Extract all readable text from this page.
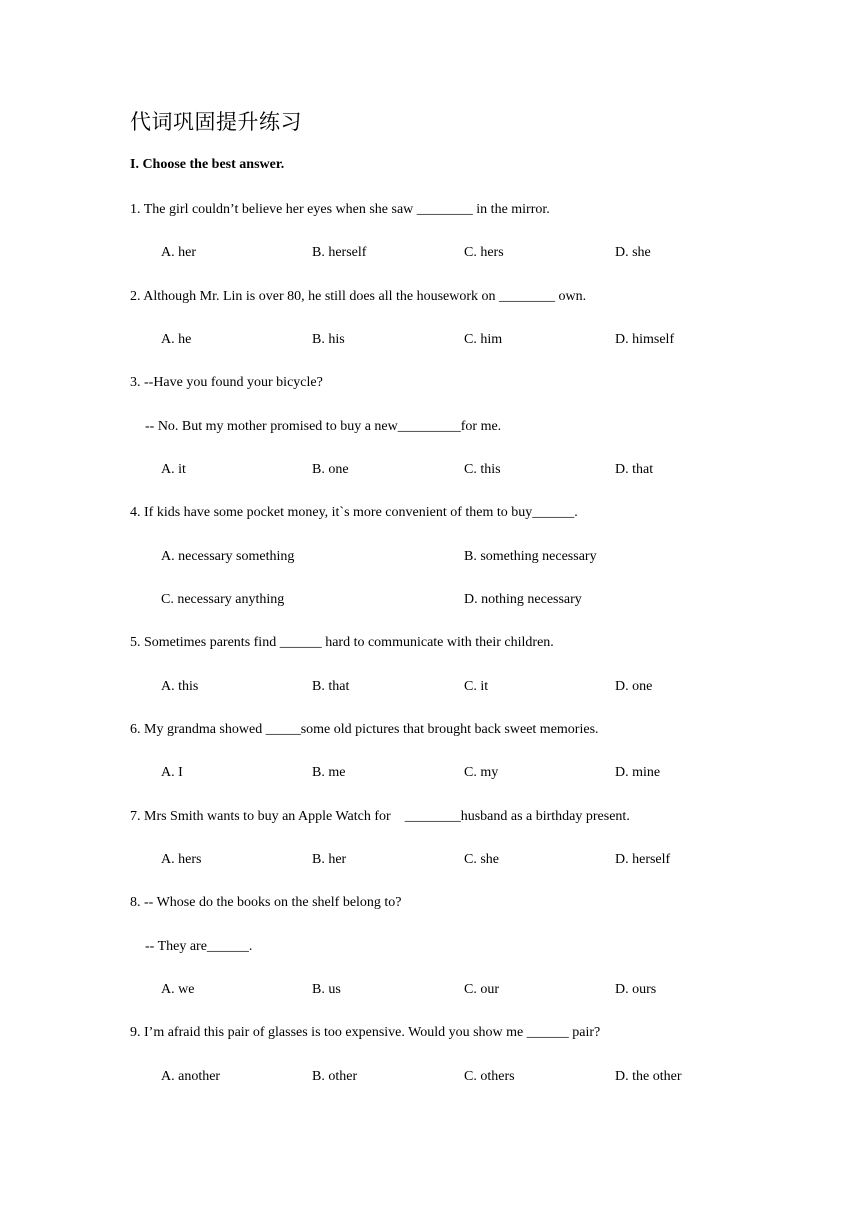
代词巩固提升练习
I. Choose the best answer.
1. The girl couldn’t believe her eyes when she saw ________ in the mirror.
A. her	B. herself	C. hers	D. she
2. Although Mr. Lin is over 80, he still does all the housework on ________ own.
A. he	B. his	C. him	D. himself
3. --Have you found your bicycle?
-- No. But my mother promised to buy a new_________for me.
A. it	B. one	C. this	D. that
4. If kids have some pocket money, it`s more convenient of them to buy______.
A. necessary something	B. something necessary
C. necessary anything	D. nothing necessary
5. Sometimes parents find ______ hard to communicate with their children.
A. this	B. that	C. it	D. one
6. My grandma showed _____some old pictures that brought back sweet memories.
A. I	B. me	C. my	D. mine
7. Mrs Smith wants to buy an Apple Watch for    ________husband as a birthday present.
A. hers	B. her	C. she	D. herself
8. -- Whose do the books on the shelf belong to?
-- They are______.
A. we	B. us	C. our	D. ours
9. I’m afraid this pair of glasses is too expensive. Would you show me ______ pair?
A. another	B. other	C. others	D. the other
